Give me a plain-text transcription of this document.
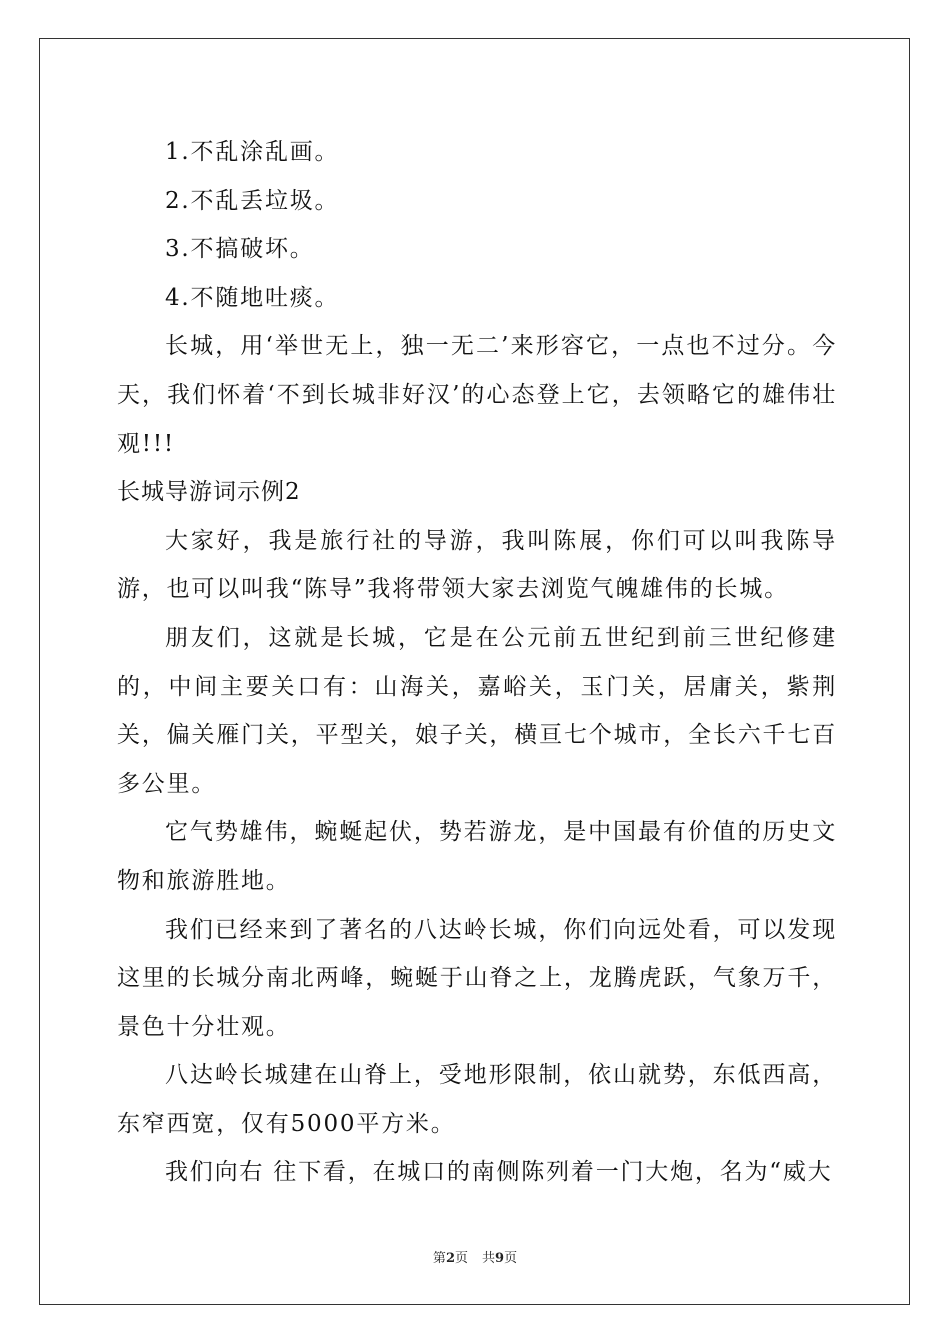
1.不乱涂乱画。

2.不乱丢垃圾。

3.不搞破坏。

4.不随地吐痰。

长城，用‘举世无上，独一无二’来形容它，一点也不过分。今天，我们怀着‘不到长城非好汉’的心态登上它，去领略它的雄伟壮观!!!

长城导游词示例2

大家好，我是旅行社的导游，我叫陈展，你们可以叫我陈导游，也可以叫我“陈导”我将带领大家去浏览气魄雄伟的长城。

朋友们，这就是长城，它是在公元前五世纪到前三世纪修建的，中间主要关口有：山海关，嘉峪关，玉门关，居庸关，紫荆关，偏关雁门关，平型关，娘子关，横亘七个城市，全长六千七百多公里。

它气势雄伟，蜿蜒起伏，势若游龙，是中国最有价值的历史文物和旅游胜地。

我们已经来到了著名的八达岭长城，你们向远处看，可以发现这里的长城分南北两峰，蜿蜒于山脊之上，龙腾虎跃，气象万千，景色十分壮观。

八达岭长城建在山脊上，受地形限制，依山就势，东低西高，东窄西宽，仅有5000平方米。

我们向右 往下看，在城口的南侧陈列着一门大炮，名为“威大

第2页 共9页
